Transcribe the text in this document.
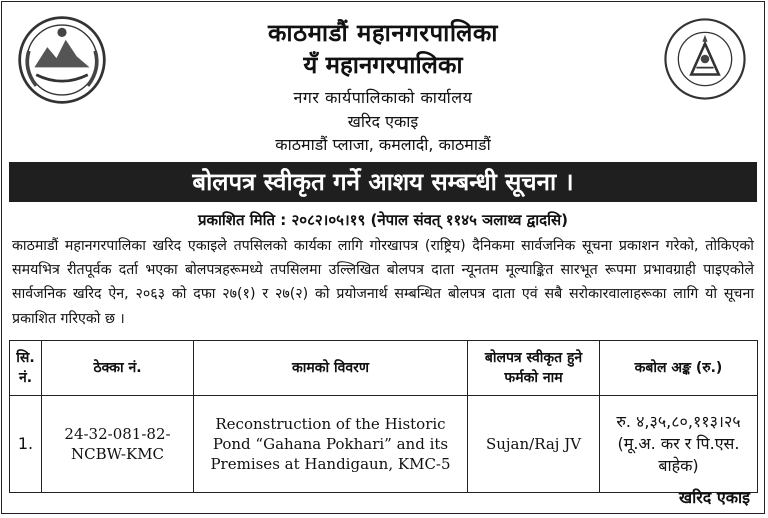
काठमाडौं महानगरपालिका
यँ महानगरपालिका
नगर कार्यपालिकाको कार्यालय
खरिद एकाइ
काठमाडौं प्लाजा, कमलादी, काठमाडौं
बोलपत्र स्वीकृत गर्ने आशय सम्बन्धी सूचना ।
प्रकाशित मिति : २०८२।०५।१९ (नेपाल संवत् ११४५ ञलाथ्व द्वादसि)
काठमाडौं महानगरपालिका खरिद एकाइले तपसिलको कार्यका लागि गोरखापत्र (राष्ट्रिय) दैनिकमा सार्वजनिक सूचना प्रकाशन गरेको, तोकिएको समयभित्र रीतपूर्वक दर्ता भएका बोलपत्रहरूमध्ये तपसिलमा उल्लिखित बोलपत्र दाता न्यूनतम मूल्याङ्कित सारभूत रूपमा प्रभावग्राही पाइएकोले सार्वजनिक खरिद ऐन, २०६३ को दफा २७(१) र २७(२) को प्रयोजनार्थ सम्बन्धित बोलपत्र दाता एवं सबै सरोकारवालाहरूका लागि यो सूचना प्रकाशित गरिएको छ ।
सि. नं.	ठेक्का नं.	कामको विवरण	बोलपत्र स्वीकृत हुने फर्मको नाम	कबोल अङ्क (रु.)
1.	24-32-081-82-NCBW-KMC	Reconstruction of the Historic Pond “Gahana Pokhari” and its Premises at Handigaun, KMC-5	Sujan/Raj JV	रु. ४,३५,८०,११३।२५
(मू.अ. कर र पि.एस. बाहेक)
खरिद एकाइ
